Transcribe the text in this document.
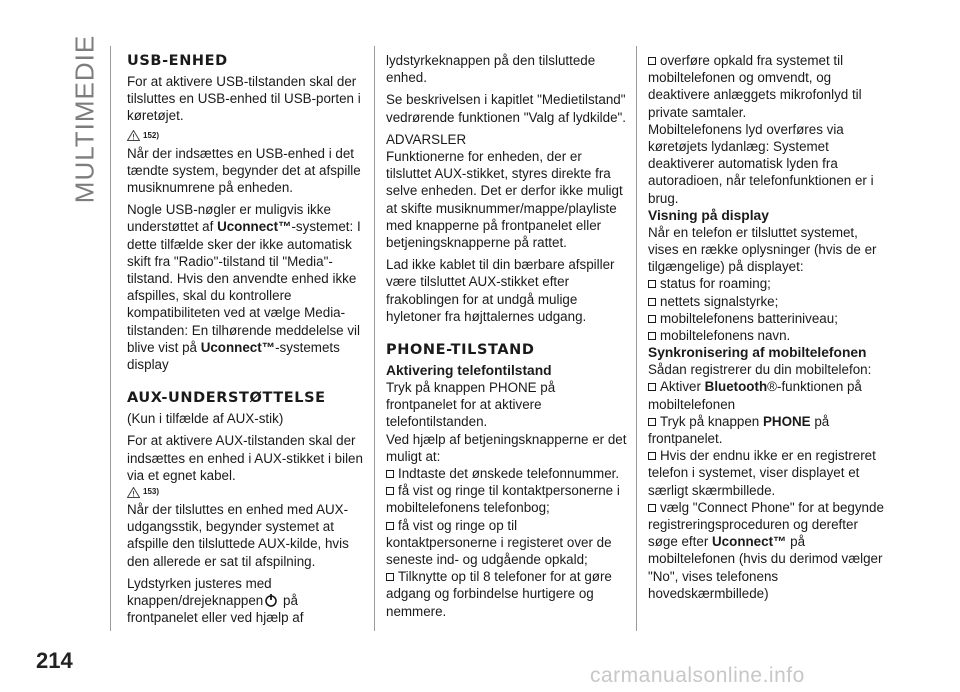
MULTIMEDIE USB-ENHED

For at aktivere USB-tilstanden skal der tilsluttes en USB-enhed til USB-porten i køretøjet.

152)

Når der indsættes en USB-enhed i det tændte system, begynder det at afspille musiknumrene på enheden.

Nogle USB-nøgler er muligvis ikke understøttet af Uconnect™-systemet: I dette tilfælde sker der ikke automatisk skift fra "Radio"-tilstand til "Media"-tilstand. Hvis den anvendte enhed ikke afspilles, skal du kontrollere kompatibiliteten ved at vælge Media-tilstanden: En tilhørende meddelelse vil blive vist på Uconnect™-systemets display

AUX-UNDERSTØTTELSE

(Kun i tilfælde af AUX-stik)

For at aktivere AUX-tilstanden skal der indsættes en enhed i AUX-stikket i bilen via et egnet kabel.

153)

Når der tilsluttes en enhed med AUX-udgangsstik, begynder systemet at afspille den tilsluttede AUX-kilde, hvis den allerede er sat til afspilning.

Lydstyrken justeres med knappen/drejeknappen på frontpanelet eller ved hjælp af

lydstyrkeknappen på den tilsluttede enhed.

Se beskrivelsen i kapitlet "Medietilstand" vedrørende funktionen "Valg af lydkilde".

ADVARSLER

Funktionerne for enheden, der er tilsluttet AUX-stikket, styres direkte fra selve enheden. Det er derfor ikke muligt at skifte musiknummer/mappe/playliste med knapperne på frontpanelet eller betjeningsknapperne på rattet.

Lad ikke kablet til din bærbare afspiller være tilsluttet AUX-stikket efter frakoblingen for at undgå mulige hyletoner fra højttalernes udgang.

PHONE-TILSTAND
Aktivering telefontilstand

Tryk på knappen PHONE på frontpanelet for at aktivere telefontilstanden.

Ved hjælp af betjeningsknapperne er det muligt at:

Indtaste det ønskede telefonnummer.
få vist og ringe til kontaktpersonerne i mobiltelefonens telefonbog;
få vist og ringe op til kontaktpersonerne i registeret over de seneste ind- og udgående opkald;
Tilknytte op til 8 telefoner for at gøre adgang og forbindelse hurtigere og nemmere.

overføre opkald fra systemet til mobiltelefonen og omvendt, og deaktivere anlæggets mikrofonlyd til private samtaler.

Mobiltelefonens lyd overføres via køretøjets lydanlæg: Systemet deaktiverer automatisk lyden fra autoradioen, når telefonfunktionen er i brug.

Visning på display

Når en telefon er tilsluttet systemet, vises en række oplysninger (hvis de er tilgængelige) på displayet:

status for roaming;
nettets signalstyrke;
mobiltelefonens batteriniveau;
mobiltelefonens navn.
Synkronisering af mobiltelefonen

Sådan registrerer du din mobiltelefon:

Aktiver Bluetooth®-funktionen på mobiltelefonen
Tryk på knappen PHONE på frontpanelet.
Hvis der endnu ikke er en registreret telefon i systemet, viser displayet et særligt skærmbillede.
vælg "Connect Phone" for at begynde registreringsproceduren og derefter søge efter Uconnect™ på mobiltelefonen (hvis du derimod vælger "No", vises telefonens hovedskærmbillede)
214
carmanualsonline.info
